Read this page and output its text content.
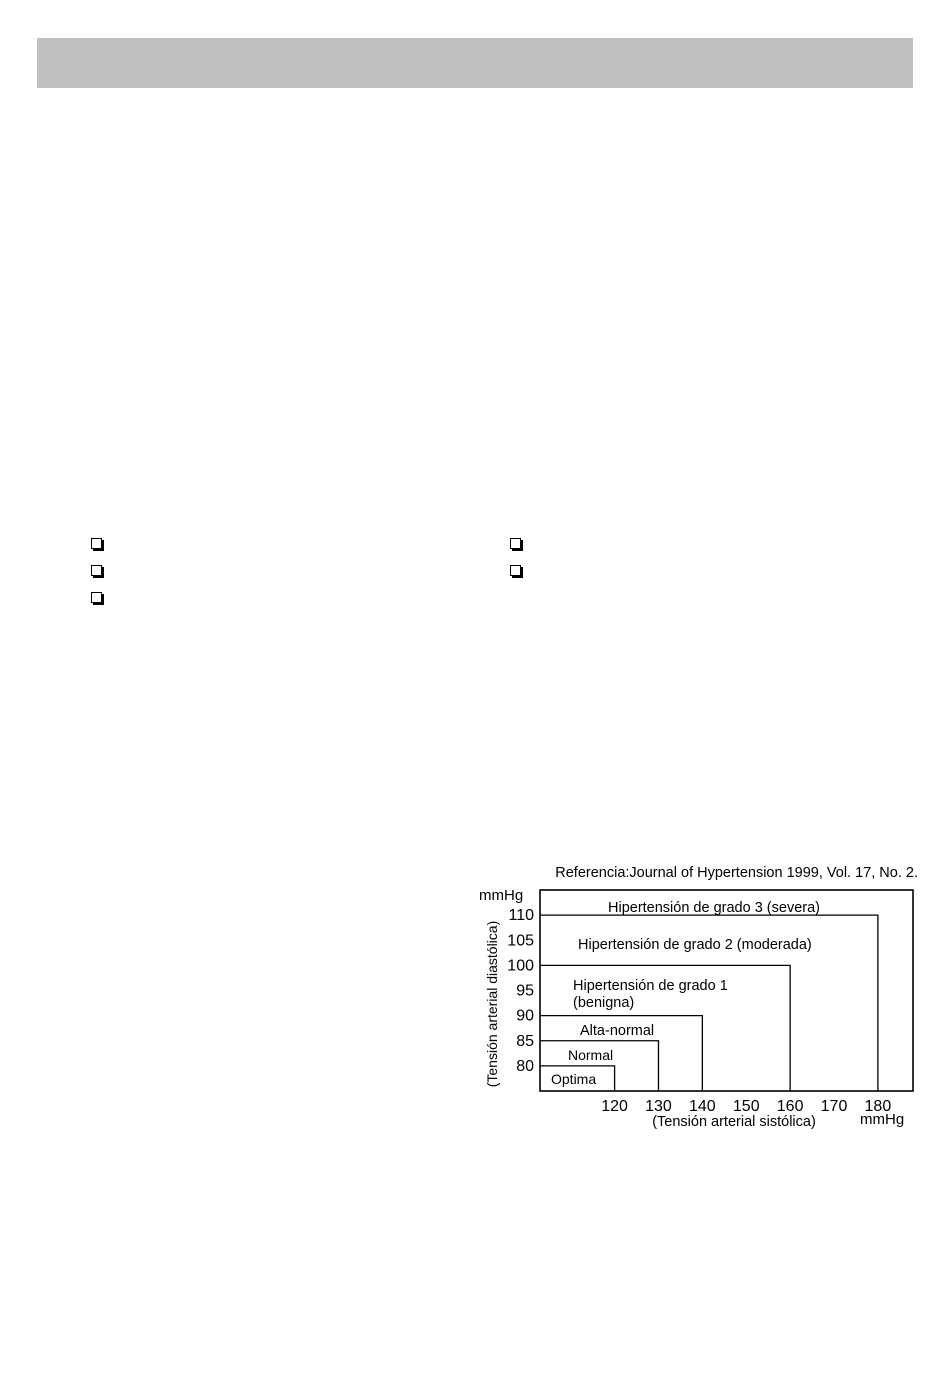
Referencia:Journal of Hypertension 1999, Vol. 17, No. 2.
mmHg
mmHg
(Tensión arterial diastólica)
(Tensión arterial sistólica)
Optima
Normal
Alta-normal
Hipertensión de grado 1
(benigna)
Hipertensión de grado 2 (moderada)
Hipertensión de grado 3 (severa)
80
85
90
95
100
105
110
120 130 140 150 160 170 180
